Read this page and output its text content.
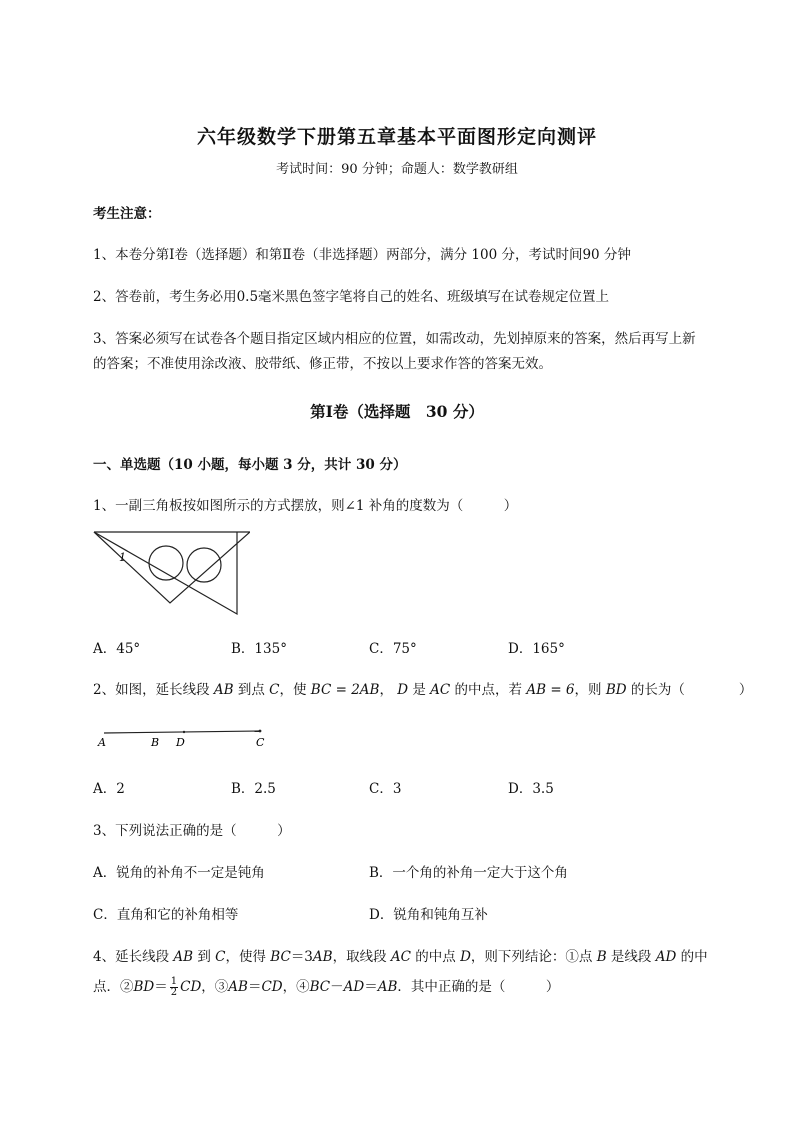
六年级数学下册第五章基本平面图形定向测评
考试时间：90 分钟；命题人：数学教研组
考生注意：
1、本卷分第Ⅰ卷（选择题）和第Ⅱ卷（非选择题）两部分，满分 100 分，考试时间90 分钟
2、答卷前，考生务必用0.5毫米黑色签字笔将自己的姓名、班级填写在试卷规定位置上
3、答案必须写在试卷各个题目指定区域内相应的位置，如需改动，先划掉原来的答案，然后再写上新
的答案；不准使用涂改液、胶带纸、修正带，不按以上要求作答的答案无效。
第Ⅰ卷（选择题　30 分）
一、单选题（10 小题，每小题 3 分，共计 30 分）
1、一副三角板按如图所示的方式摆放，则∠1 补角的度数为（　　　）
1
A．45°	B．135°	C．75°	D．165°
2、如图，延长线段 AB 到点 C，使 BC = 2AB， D 是 AC 的中点，若 AB = 6，则 BD 的长为（　　　　）
A	B D	C
A．2	B．2.5	C．3	D．3.5
3、下列说法正确的是（　　　）
A．锐角的补角不一定是钝角	B．一个角的补角一定大于这个角
C．直角和它的补角相等	D．锐角和钝角互补
4、延长线段 AB 到 C，使得 BC＝3AB，取线段 AC 的中点 D，则下列结论：①点 B 是线段 AD 的中
点．②BD＝ $\frac{1}{2}$ CD，③AB＝CD，④BC－AD＝AB．其中正确的是（　　　）
